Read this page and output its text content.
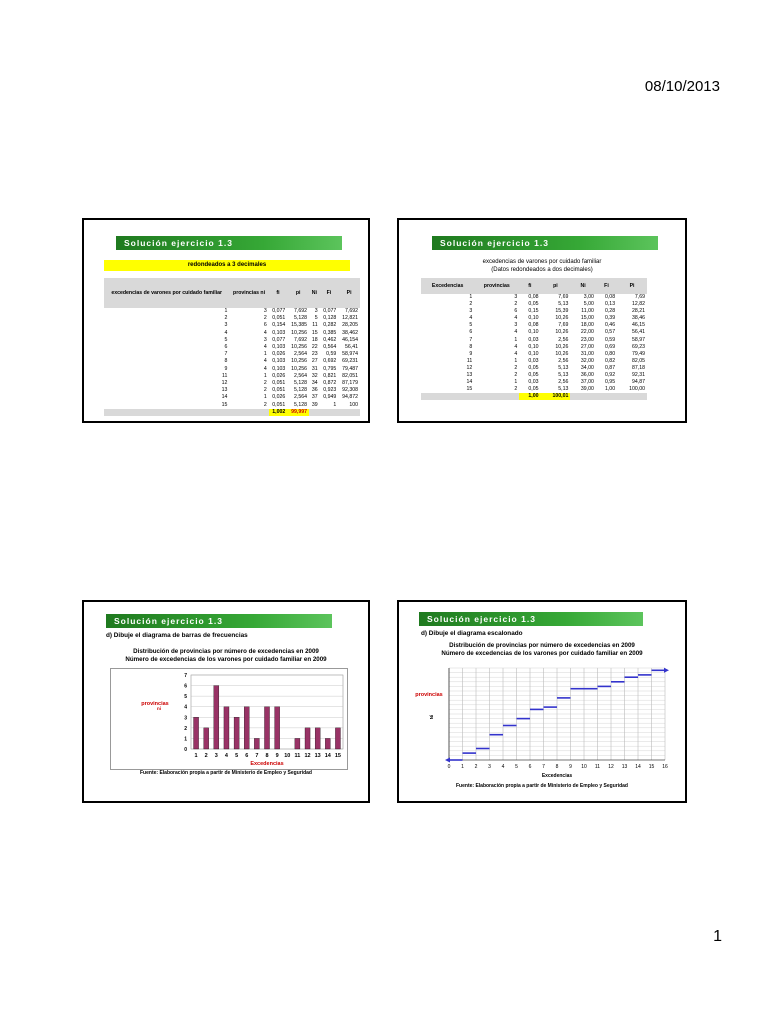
08/10/2013
Solución ejercicio 1.3
redondeados a 3 decimales
excedencias de varones por cuidado familiar	provincias ni	fi	pi	Ni	Fi	Pi
1	3	0,077	7,692	3	0,077	7,692
2	2	0,051	5,128	5	0,128	12,821
3	6	0,154	15,385	11	0,282	28,205
4	4	0,103	10,256	15	0,385	38,462
5	3	0,077	7,692	18	0,462	46,154
6	4	0,103	10,256	22	0,564	56,41
7	1	0,026	2,564	23	0,59	58,974
8	4	0,103	10,256	27	0,692	69,231
9	4	0,103	10,256	31	0,795	79,487
11	1	0,026	2,564	32	0,821	82,051
12	2	0,051	5,128	34	0,872	87,179
13	2	0,051	5,128	36	0,923	92,308
14	1	0,026	2,564	37	0,949	94,872
15	2	0,051	5,128	39	1	100
		1,002	99,997			
Solución ejercicio 1.3
excedencias de varones por cuidado familiar
(Datos redondeados a dos decimales)
Excedencias	provincias	fi	pi	Ni	Fi	Pi
1	3	0,08	7,69	3,00	0,08	7,69
2	2	0,05	5,13	5,00	0,13	12,82
3	6	0,15	15,39	11,00	0,28	28,21
4	4	0,10	10,26	15,00	0,39	38,46
5	3	0,08	7,69	18,00	0,46	46,15
6	4	0,10	10,26	22,00	0,57	56,41
7	1	0,03	2,56	23,00	0,59	58,97
8	4	0,10	10,26	27,00	0,69	69,23
9	4	0,10	10,26	31,00	0,80	79,49
11	1	0,03	2,56	32,00	0,82	82,05
12	2	0,05	5,13	34,00	0,87	87,18
13	2	0,05	5,13	36,00	0,92	92,31
14	1	0,03	2,56	37,00	0,95	94,87
15	2	0,05	5,13	39,00	1,00	100,00
		1,00	100,01			
Solución ejercicio 1.3
d) Dibuje el diagrama de barras de frecuencias
Distribución de provincias por número de excedencias en 2009
Número de excedencias de los varones por cuidado familiar en 2009
0
1
2
3
4
5
6
7
1 2 3 4 5 6 7 8 9 10 11 12 13 14 15
provincias
ni
Excedencias
Fuente: Elaboración propia a partir de Ministerio de Empleo y Seguridad
Solución ejercicio 1.3
d) Dibuje el diagrama escalonado
Distribución de provincias por número de excedencias en 2009
Número de excedencias de los varones por cuidado familiar en 2009
0 1 2 3 4 5 6 7 8 9 10 11 12 13 14 15 16
provincias
Ni
Excedencias
Fuente: Elaboración propia a partir de Ministerio de Empleo y Seguridad
1
